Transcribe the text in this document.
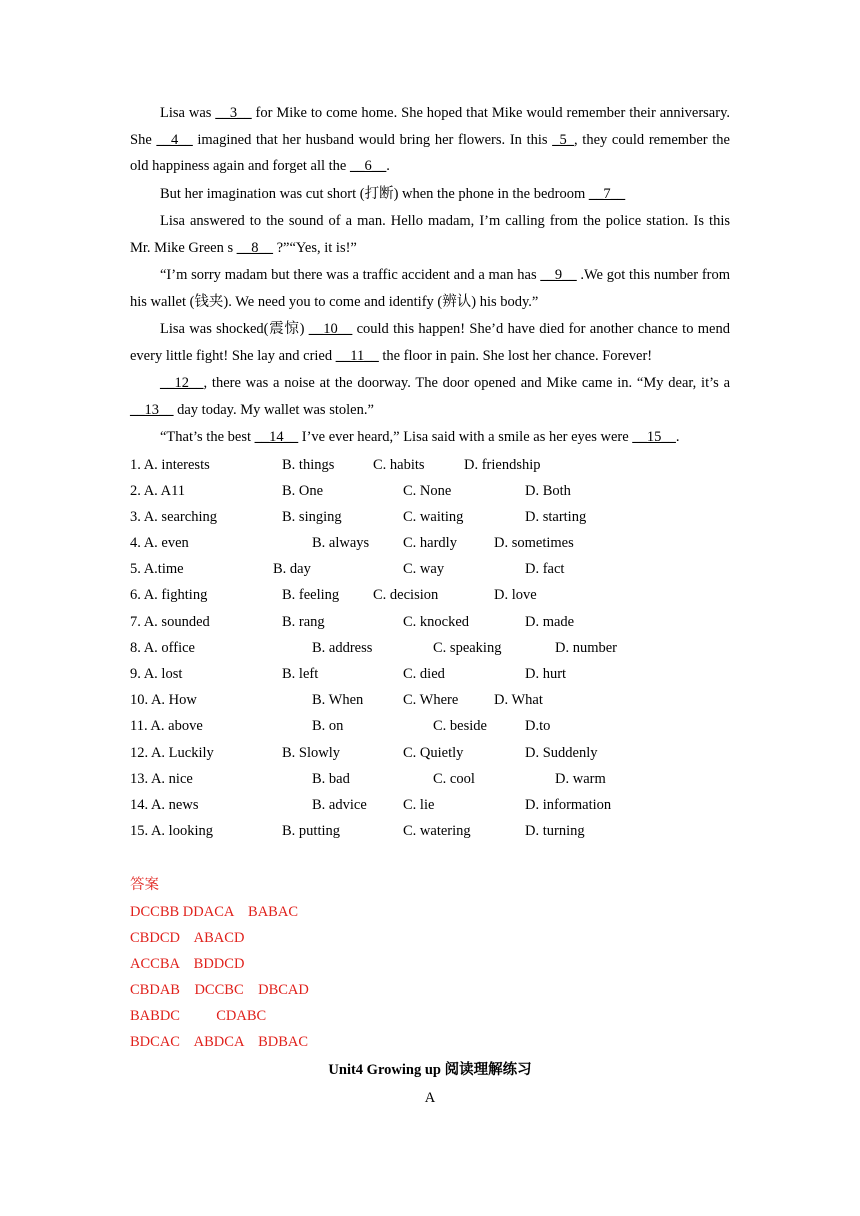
Lisa was __3__ for Mike to come home. She hoped that Mike would remember their anniversary. She __4__ imagined that her husband would bring her flowers. In this _5_, they could remember the old happiness again and forget all the __6__.

But her imagination was cut short (打断) when the phone in the bedroom __7__

Lisa answered to the sound of a man. Hello madam, I’m calling from the police station. Is this Mr. Mike Green s __8__ ?”“Yes, it is!”

“I’m sorry madam but there was a traffic accident and a man has __9__ .We got this number from his wallet (钱夹). We need you to come and identify (辨认) his body.”

Lisa was shocked(震惊) __10__ could this happen! She’d have died for another chance to mend every little fight! She lay and cried __11__ the floor in pain. She lost her chance. Forever!

__12__, there was a noise at the doorway. The door opened and Mike came in. “My dear, it’s a __13__ day today. My wallet was stolen.”

“That’s the best __14__ I’ve ever heard,” Lisa said with a smile as her eyes were __15__.

1. A. interests	B. things	C. habits	D. friendship
2. A. A11	B. One	C. None	D. Both
3. A. searching	B. singing	C. waiting	D. starting
4. A. even	B. always C. hardly	D. sometimes
5. A.time	B. day	C. way	D. fact
6. A. fighting	B. feeling C. decision	D. love
7. A. sounded	B. rang	C. knocked	D. made
8. A. office	B. address	C. speaking	D. number
9. A. lost	B. left	C. died	D. hurt
10. A. How	B. When	C. Where D. What
11. A. above	B. on	C. beside	D.to
12. A. Luckily	B. Slowly	C. Quietly	D. Suddenly
13. A. nice	B. bad	C. cool	D. warm
14. A. news	B. advice C. lie	D. information
15. A. looking	B. putting	C. watering	D. turning
答案
DCCBB DDACA    BABAC
CBDCD    ABACD
ACCBA    BDDCD
CBDAB    DCCBC    DBCAD
BABDC          CDABC
BDCAC    ABDCA    BDBAC
Unit4 Growing up 阅读理解练习
A
